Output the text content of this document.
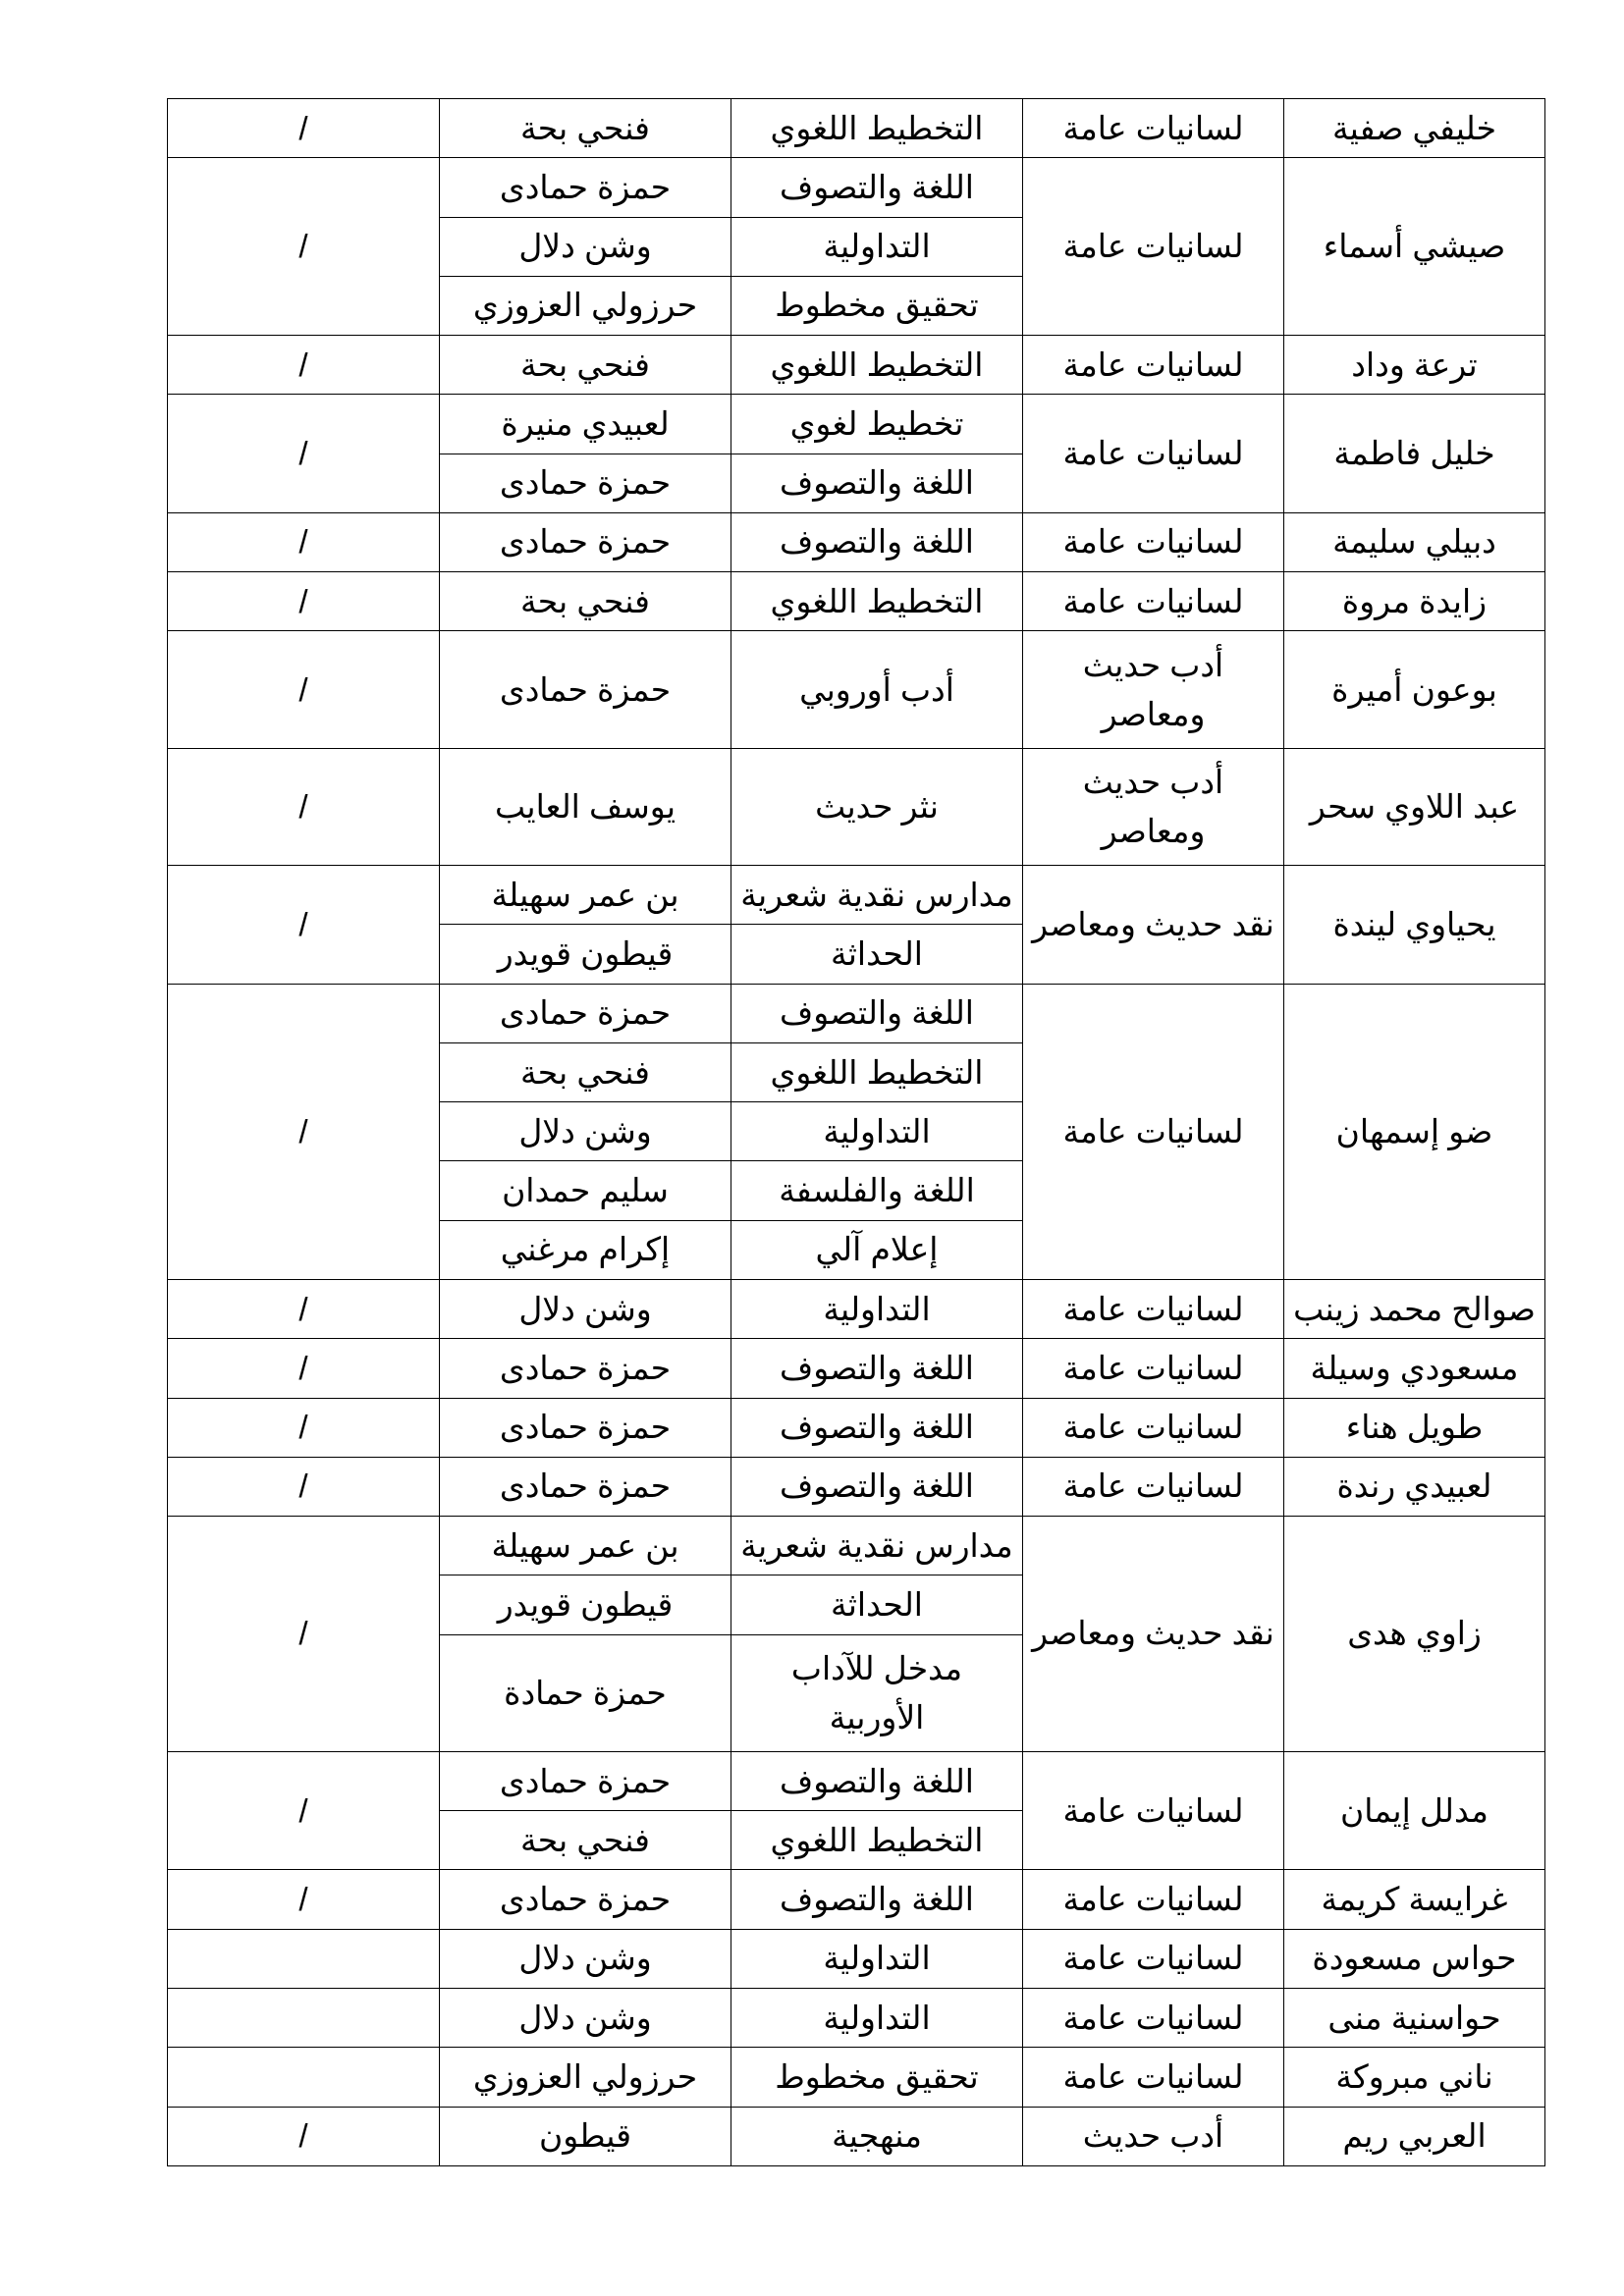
خليفي صفية	لسانيات عامة	التخطيط اللغوي	فنحي بحة	/
صيشي أسماء	لسانيات عامة	اللغة والتصوف	حمزة حمادى	/
		التداولية	وشن دلال	
		تحقيق مخطوط	حرزولي العزوزي	
ترعة وداد	لسانيات عامة	التخطيط اللغوي	فنحي بحة	/
خليل فاطمة	لسانيات عامة	تخطيط لغوي	لعبيدي منيرة	/
		اللغة والتصوف	حمزة حمادى	
دبيلي سليمة	لسانيات عامة	اللغة والتصوف	حمزة حمادى	/
زايدة مروة	لسانيات عامة	التخطيط اللغوي	فنحي بحة	/
بوعون أميرة	أدب حديث ومعاصر	أدب أوروبي	حمزة حمادى	/
عبد اللاوي سحر	أدب حديث ومعاصر	نثر حديث	يوسف العايب	/
يحياوي ليندة	نقد حديث ومعاصر	مدارس نقدية شعرية	بن عمر سهيلة	/
		الحداثة	قيطون قويدر	
ضو إسمهان	لسانيات عامة	اللغة والتصوف	حمزة حمادى	/
		التخطيط اللغوي	فنحي بحة	
		التداولية	وشن دلال	
		اللغة والفلسفة	سليم حمدان	
		إعلام آلي	إكرام مرغني	
صوالح محمد زينب	لسانيات عامة	التداولية	وشن دلال	/
مسعودي وسيلة	لسانيات عامة	اللغة والتصوف	حمزة حمادى	/
طويل هناء	لسانيات عامة	اللغة والتصوف	حمزة حمادى	/
لعبيدي رندة	لسانيات عامة	اللغة والتصوف	حمزة حمادى	/
زاوي هدى	نقد حديث ومعاصر	مدارس نقدية شعرية	بن عمر سهيلة	/
		الحداثة	قيطون قويدر	
		مدخل للآداب الأوربية	حمزة حمادة	
مدلل إيمان	لسانيات عامة	اللغة والتصوف	حمزة حمادى	/
		التخطيط اللغوي	فنحي بحة	
غرايسة كريمة	لسانيات عامة	اللغة والتصوف	حمزة حمادى	/
حواس مسعودة	لسانيات عامة	التداولية	وشن دلال	
حواسنية منى	لسانيات عامة	التداولية	وشن دلال	
ناني مبروكة	لسانيات عامة	تحقيق مخطوط	حرزولي العزوزي	
العربي ريم	أدب حديث	منهجية	قيطون	/
